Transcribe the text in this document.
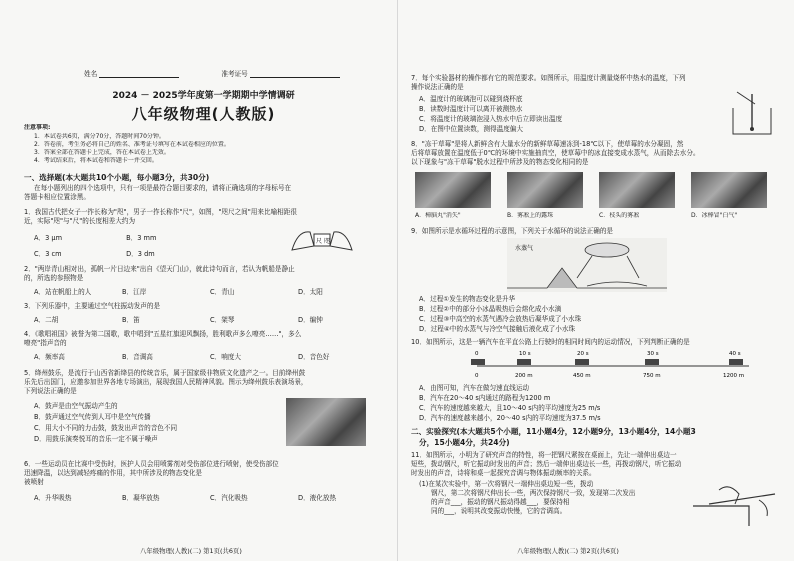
姓名	准考证号
2024 － 2025学年度第一学期期中学情调研
八年级物理(人教版)
注意事项:
1．本试卷共6页，满分70分，答题时间70分钟。
2．答卷前，考生务必将自己的姓名、准考证号填写在本试卷相应的位置。
3．答案全部在答题卡上完成，答在本试卷上无效。
4．考试结束后，将本试卷和答题卡一并交回。
一、选择题(本大题共10个小题，每小题3分，共30分)
在每小题列出的四个选项中，只有一项是最符合题目要求的，请将正确选项的字母标号在
答题卡相应位置涂黑。
1．我国古代把女子一拃长称为"咫"，男子一拃长称作"尺"，如图，"咫尺之间"用来比喻相距很
近，实际"咫"与"尺"的长度相差大约为
A．3 μm	B．3 mm
C．3 cm	D．3 dm
尺 咫
2．"两岸青山相对出，孤帆一片日边来"出自《望天门山》，就此诗句而言，若认为帆船是静止
的，所选的参照物是
A．站在帆船上的人	B．江岸	C．青山	D．太阳
3．下列乐器中，主要通过空气柱振动发声的是
A．二胡	B．笛	C．架琴	D．编钟
4．《歌唱祖国》被誉为第二国歌，歌中唱到"五星红旗迎风飘扬，胜利歌声多么嘹亮……"，多么
嘹亮"指声音的
A．频率高	B．音调高	C．响度大	D．音色好
5．绛州鼓乐，是流行于山西省新绛县的传统音乐，属于国家级非物质文化遗产之一。目前绛州鼓
乐先后出国门，应邀参加世界各地专场演出，展现我国人民精神风貌。图示为绛州鼓乐表演场景，
下列说法正确的是
A．鼓声是由空气振动产生的
B．鼓声通过空气传到人耳中是空气传播
C．用大小不同的力击鼓，鼓发出声音的音色不同
D．用鼓乐演奏悦耳的音乐一定不属于噪声
6．一些运动员在比赛中受伤时，医护人员会用喷雾剂对受伤部位进行喷射，使受伤部位
迅速降温，以达到减轻疼痛的作用，其中所涉及的物态变化是
被喷射
A．升华吸热	B．凝华放热	C．汽化吸热	D．液化放热
八年级物理(人教)(二) 第1页(共6页)
7．每个实验器材的操作都有它的规范要求。如图所示，用温度计测量烧杯中热水的温度，下列
操作说法正确的是
A．温度计的玻璃泡可以碰到烧杯底
B．读数时温度计可以离开被测热水
C．将温度计的玻璃泡浸入热水中后立即读出温度
D．在图中位置读数，测得温度偏大
8．"冻干草莓"是将人新鲜含有大量水分的新鲜草莓速冻到-18℃以下，使草莓的水分凝固，然
后将草莓放置在温度低于0℃的环境中实施抽真空，使草莓中的冰直接变成水蒸气，从而除去水分。
以下现象与"冻干草莓"脱水过程中所涉及的物态变化相同的是
A．樟脑丸"消失"	B．雾凇上的露珠	C．枝头的雾凇	D．冰棒冒"白气"
9．如图所示是水循环过程的示意图，下列关于水循环的说法正确的是
水蒸气
A．过程①发生的物态变化是升华
B．过程②中的部分小冰晶吸热后会熔化成小水滴
C．过程③中高空的水蒸气遇冷会放热后凝华成了小水珠
D．过程④中的水蒸气与冷空气接触后液化成了小水珠
10．如图所示，这是一辆汽车在平直公路上行驶时的相同时间内的运动情况，下列判断正确的是
0	10 s	20 s	30 s	40 s
0	200 m	450 m	750 m	1200 m
A．由图可知，汽车在做匀速直线运动
B．汽车在20～40 s内通过的路程为1200 m
C．汽车的速度越来越大，且10～40 s内的平均速度为25 m/s
D．汽车的速度越来越小，20～40 s内的平均速度为37.5 m/s
二、实验探究(本大题共5个小题，11小题4分，12小题9分，13小题4分，14小题3
分，15小题4分，共24分)
11．如图所示，小明为了研究声音的特性，将一把钢尺紧按在桌面上，先让一端伸出桌边一
短些，拨动钢尺，听它振动时发出的声音；然后一端伸出桌边长一些，再拨动钢尺，听它振动
时发出的声音，诗将和桌一起探究音调与物体振动频率的关系。
(1)在某次实验中，第一次将钢尺一端伸出桌边短一些，拨动
钢尺，第二次将钢尺伸出长一些，两次保持钢尺一致，发现第二次发出
的声音___，振动的钢尺振动得越___，要保持相
同的___，说明其改变振动快慢，它的音调高。
八年级物理(人教)(二) 第2页(共6页)
